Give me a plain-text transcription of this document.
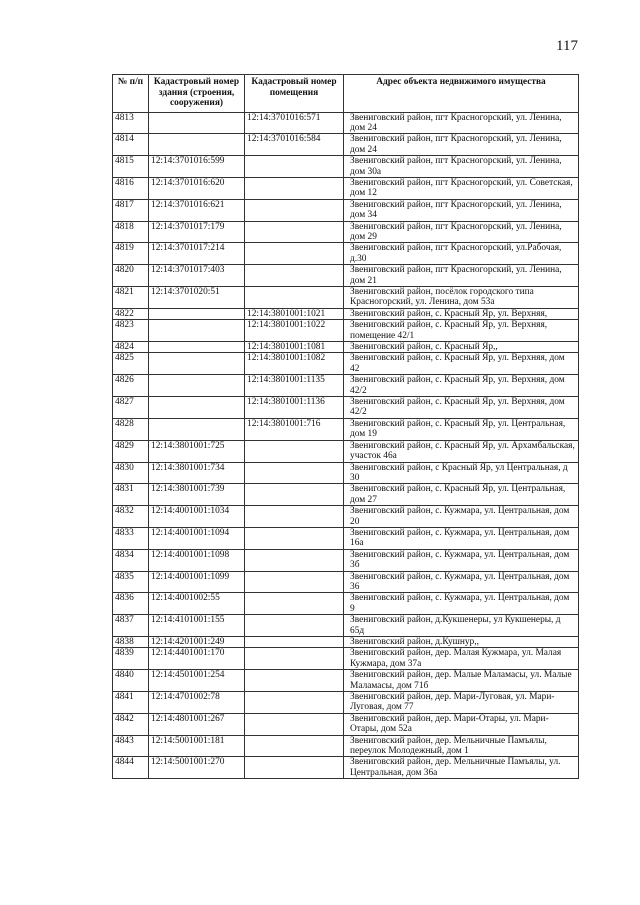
117
№ п/п	Кадастровый номер здания (строения, сооружения)	Кадастровый номер помещения	Адрес объекта недвижимого имущества
4813		12:14:3701016:571	Звениговский район, пгт Красногорский, ул. Ленина, дом 24
4814		12:14:3701016:584	Звениговский район, пгт Красногорский, ул. Ленина, дом 24
4815	12:14:3701016:599		Звениговский район, пгт Красногорский, ул. Ленина, дом 30а
4816	12:14:3701016:620		Звениговский район, пгт Красногорский, ул. Советская, дом 12
4817	12:14:3701016:621		Звениговский район, пгт Красногорский, ул. Ленина, дом 34
4818	12:14:3701017:179		Звениговский район, пгт Красногорский, ул. Ленина, дом 29
4819	12:14:3701017:214		Звениговский район, пгт Красногорский, ул.Рабочая, д.30
4820	12:14:3701017:403		Звениговский район, пгт Красногорский, ул. Ленина, дом 21
4821	12:14:3701020:51		Звениговский район, посёлок городского типа Красногорский, ул. Ленина, дом 53а
4822		12:14:3801001:1021	Звениговский район, с. Красный Яр, ул. Верхняя,
4823		12:14:3801001:1022	Звениговский район, с. Красный Яр, ул. Верхняя, помещение 42/1
4824		12:14:3801001:1081	Звениговский район, с. Красный Яр,,
4825		12:14:3801001:1082	Звениговский район, с. Красный Яр, ул. Верхняя, дом 42
4826		12:14:3801001:1135	Звениговский район, с. Красный Яр, ул. Верхняя, дом 42/2
4827		12:14:3801001:1136	Звениговский район, с. Красный Яр, ул. Верхняя, дом 42/2
4828		12:14:3801001:716	Звениговский район, с. Красный Яр, ул. Центральная, дом 19
4829	12:14:3801001:725		Звениговский район, с. Красный Яр, ул. Архамбальская, участок 46а
4830	12:14:3801001:734		Звениговский район, с Красный Яр, ул Центральная, д 30
4831	12:14:3801001:739		Звениговский район, с. Красный Яр, ул. Центральная, дом 27
4832	12:14:4001001:1034		Звениговский район, с. Кужмара, ул. Центральная, дом 20
4833	12:14:4001001:1094		Звениговский район, с. Кужмара, ул. Центральная, дом 16а
4834	12:14:4001001:1098		Звениговский район, с. Кужмара, ул. Центральная, дом 3б
4835	12:14:4001001:1099		Звениговский район, с. Кужмара, ул. Центральная, дом 36
4836	12:14:4001002:55		Звениговский район, с. Кужмара, ул. Центральная, дом 9
4837	12:14:4101001:155		Звениговский район, д.Кукшенеры, ул Кукшенеры, д 65д
4838	12:14:4201001:249		Звениговский район, д.Кушнур,,
4839	12:14:4401001:170		Звениговский район, дер. Малая Кужмара, ул. Малая Кужмара, дом 37а
4840	12:14:4501001:254		Звениговский район, дер. Малые Маламасы, ул. Малые Маламасы, дом 71б
4841	12:14:4701002:78		Звениговский район, дер. Мари-Луговая, ул. Мари-Луговая, дом 77
4842	12:14:4801001:267		Звениговский район, дер. Мари-Отары, ул. Мари-Отары, дом 52а
4843	12:14:5001001:181		Звениговский район, дер. Мельничные Памъялы, переулок Молодежный, дом 1
4844	12:14:5001001:270		Звениговский район, дер. Мельничные Памъялы, ул. Центральная, дом 36а
